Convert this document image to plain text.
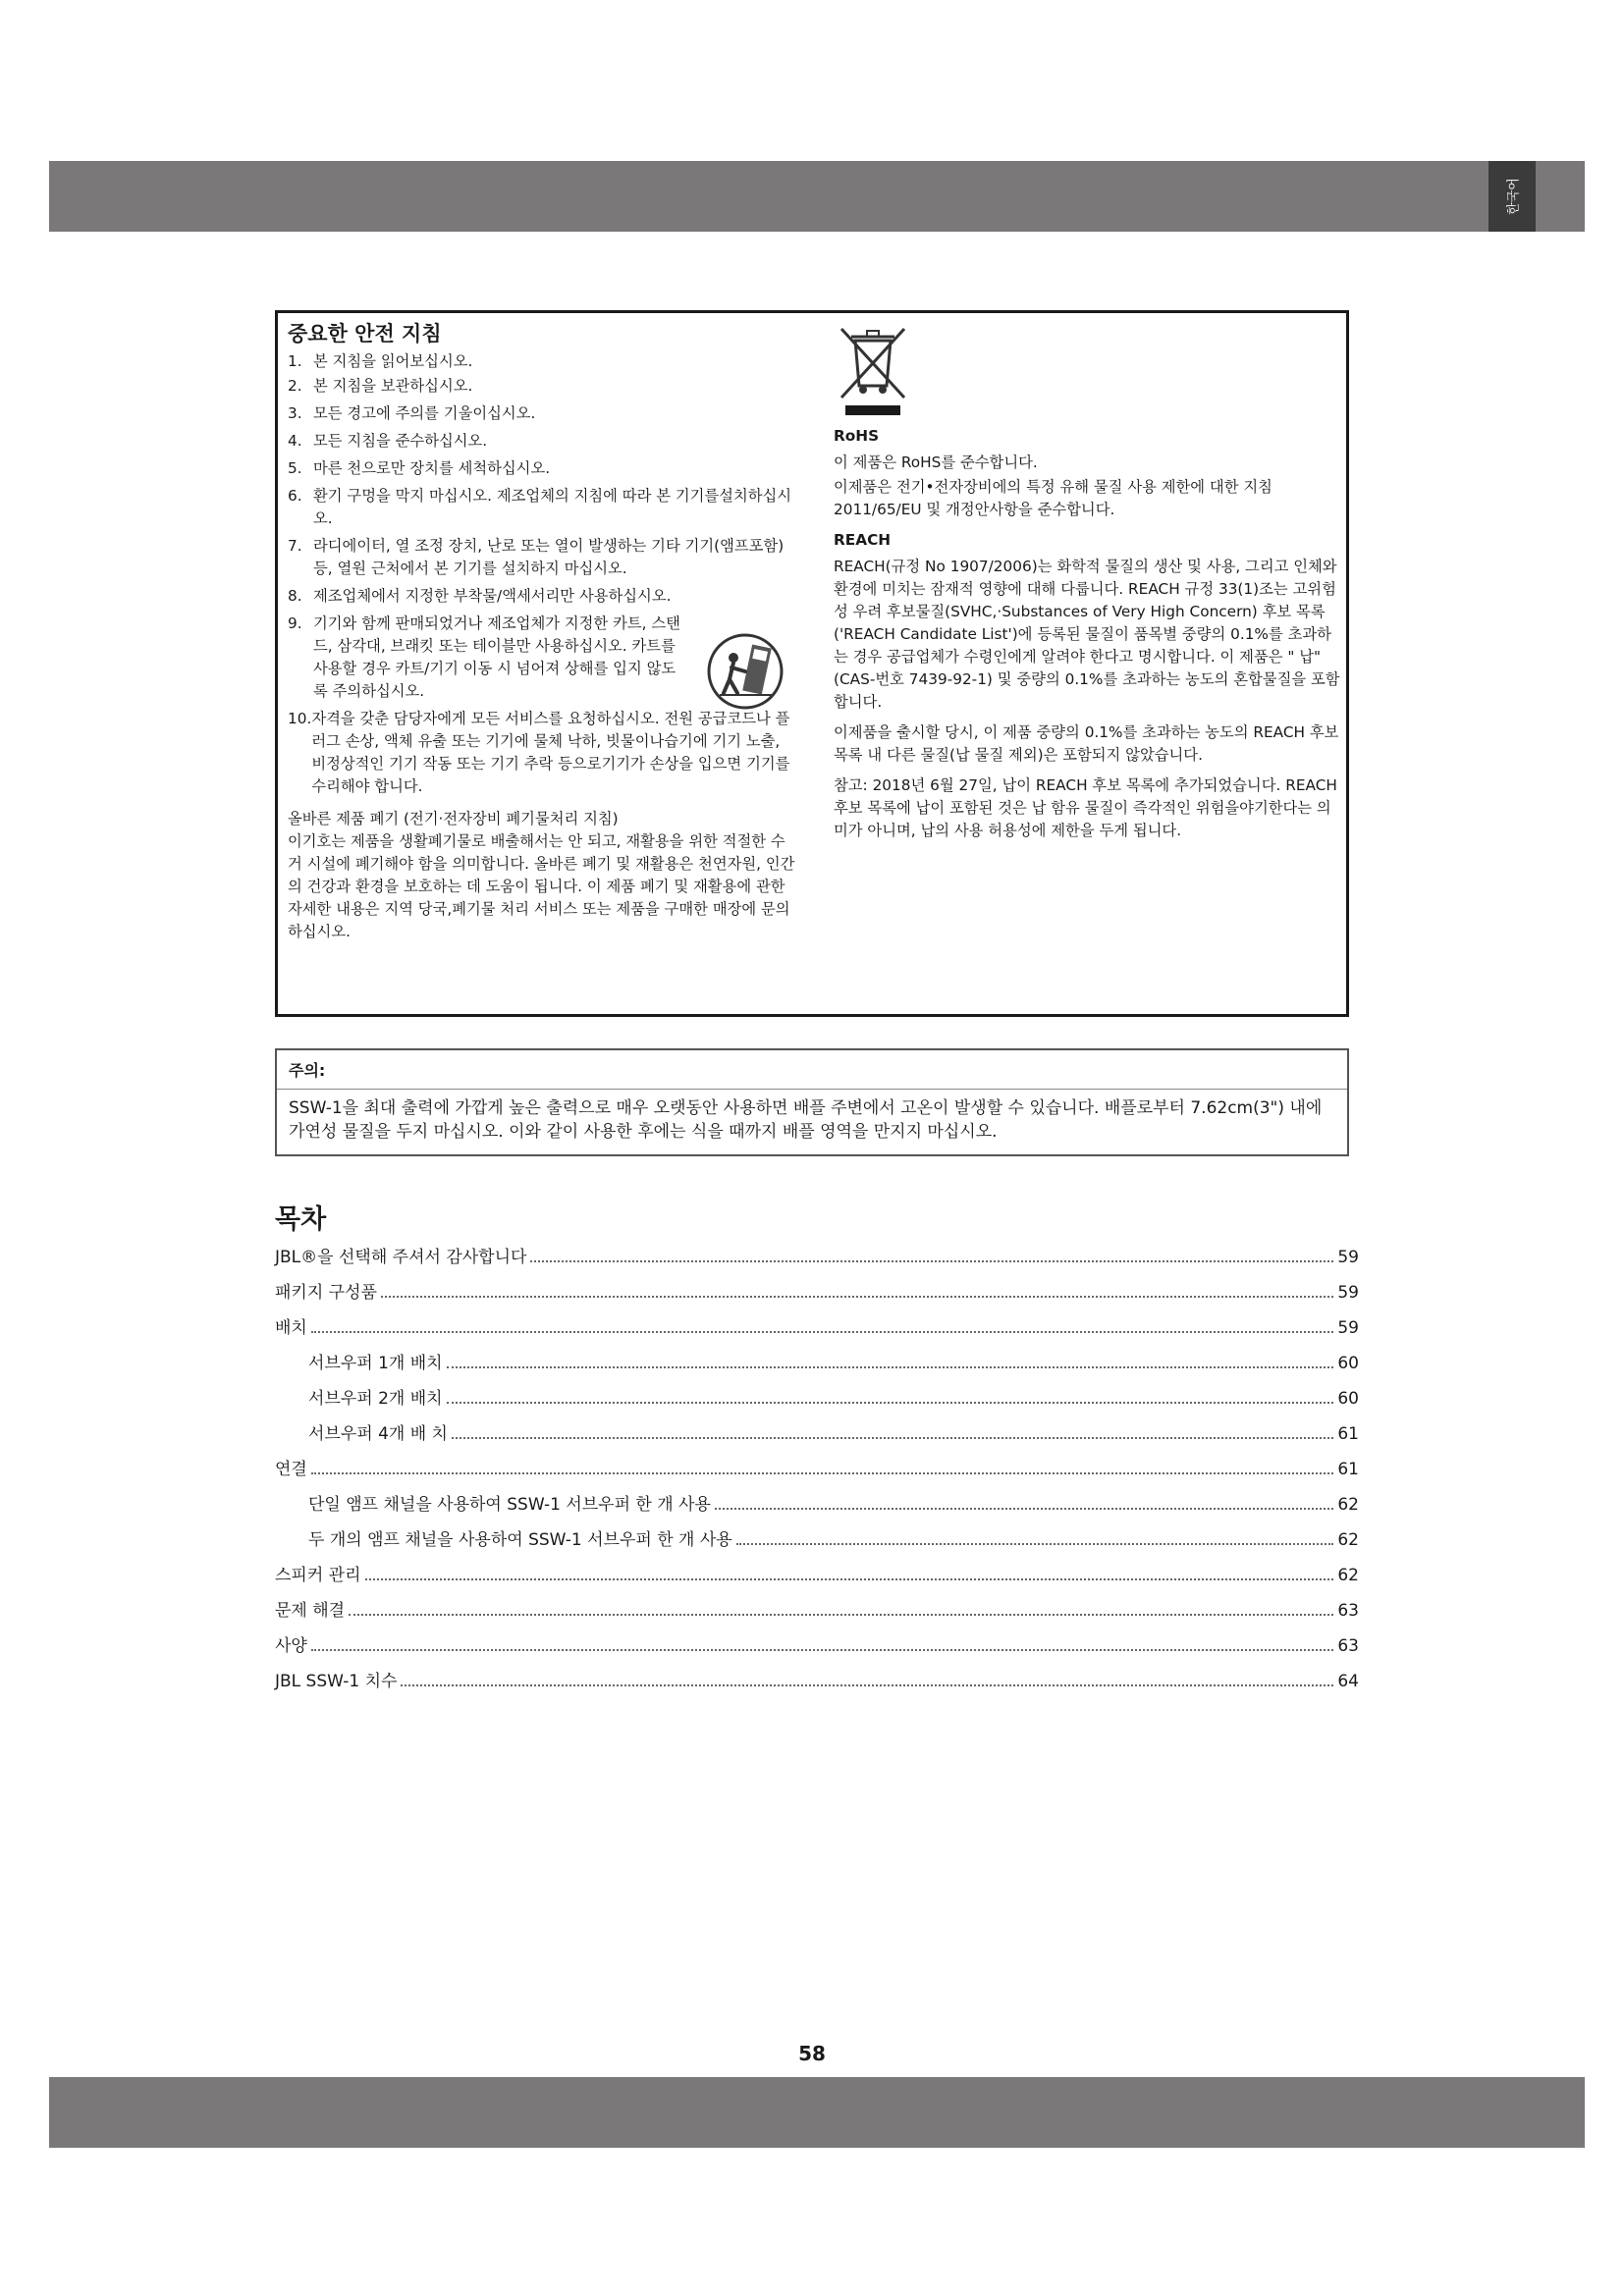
한국어
중요한 안전 지침
1. 본 지침을 읽어보십시오.
2. 본 지침을 보관하십시오.
3. 모든 경고에 주의를 기울이십시오.
4. 모든 지침을 준수하십시오.
5. 마른 천으로만 장치를 세척하십시오.
6. 환기 구멍을 막지 마십시오. 제조업체의 지침에 따라 본 기기를설치하십시오.
7. 라디에이터, 열 조정 장치, 난로 또는 열이 발생하는 기타 기기(앰프포함) 등, 열원 근처에서 본 기기를 설치하지 마십시오.
8. 제조업체에서 지정한 부착물/액세서리만 사용하십시오.
9. 기기와 함께 판매되었거나 제조업체가 지정한 카트, 스탠드, 삼각대, 브래킷 또는 테이블만 사용하십시오. 카트를 사용할 경우 카트/기기 이동 시 넘어져 상해를 입지 않도록 주의하십시오.
10. 자격을 갖춘 담당자에게 모든 서비스를 요청하십시오. 전원 공급코드나 플러그 손상, 액체 유출 또는 기기에 물체 낙하, 빗물이나습기에 기기 노출, 비정상적인 기기 작동 또는 기기 추락 등으로기기가 손상을 입으면 기기를 수리해야 합니다.
올바른 제품 폐기 (전기·전자장비 폐기물처리 지침)
이기호는 제품을 생활폐기물로 배출해서는 안 되고, 재활용을 위한 적절한 수거 시설에 폐기해야 함을 의미합니다. 올바른 폐기 및 재활용은 천연자원, 인간의 건강과 환경을 보호하는 데 도움이 됩니다. 이 제품 폐기 및 재활용에 관한 자세한 내용은 지역 당국,폐기물 처리 서비스 또는 제품을 구매한 매장에 문의하십시오.
RoHS
이 제품은 RoHS를 준수합니다.
이제품은 전기•전자장비에의 특정 유해 물질 사용 제한에 대한 지침2011/65/EU 및 개정안사항을 준수합니다.
REACH
REACH(규정 No 1907/2006)는 화학적 물질의 생산 및 사용, 그리고 인체와 환경에 미치는 잠재적 영향에 대해 다룹니다. REACH 규정 33(1)조는 고위험성 우려 후보물질(SVHC,·Substances of Very High Concern) 후보 목록 ('REACH Candidate List')에 등록된 물질이 품목별 중량의 0.1%를 초과하는 경우 공급업체가 수령인에게 알려야 한다고 명시합니다. 이 제품은 " 납"(CAS-번호 7439-92-1) 및 중량의 0.1%를 초과하는 농도의 혼합물질을 포함합니다.
이제품을 출시할 당시, 이 제품 중량의 0.1%를 초과하는 농도의 REACH 후보 목록 내 다른 물질(납 물질 제외)은 포함되지 않았습니다.
참고: 2018년 6월 27일, 납이 REACH 후보 목록에 추가되었습니다. REACH 후보 목록에 납이 포함된 것은 납 함유 물질이 즉각적인 위험을야기한다는 의미가 아니며, 납의 사용 허용성에 제한을 두게 됩니다.
주의:
SSW-1을 최대 출력에 가깝게 높은 출력으로 매우 오랫동안 사용하면 배플 주변에서 고온이 발생할 수 있습니다. 배플로부터 7.62cm(3") 내에 가연성 물질을 두지 마십시오. 이와 같이 사용한 후에는 식을 때까지 배플 영역을 만지지 마십시오.
목차
JBL®을 선택해 주셔서 감사합니다	59
패키지 구성품	59
배치	59
서브우퍼 1개 배치	60
서브우퍼 2개 배치	60
서브우퍼 4개 배 치	61
연결	61
단일 앰프 채널을 사용하여 SSW-1 서브우퍼 한 개 사용	62
두 개의 앰프 채널을 사용하여 SSW-1 서브우퍼 한 개 사용	62
스피커 관리	62
문제 해결	63
사양	63
JBL SSW-1 치수	64
58
